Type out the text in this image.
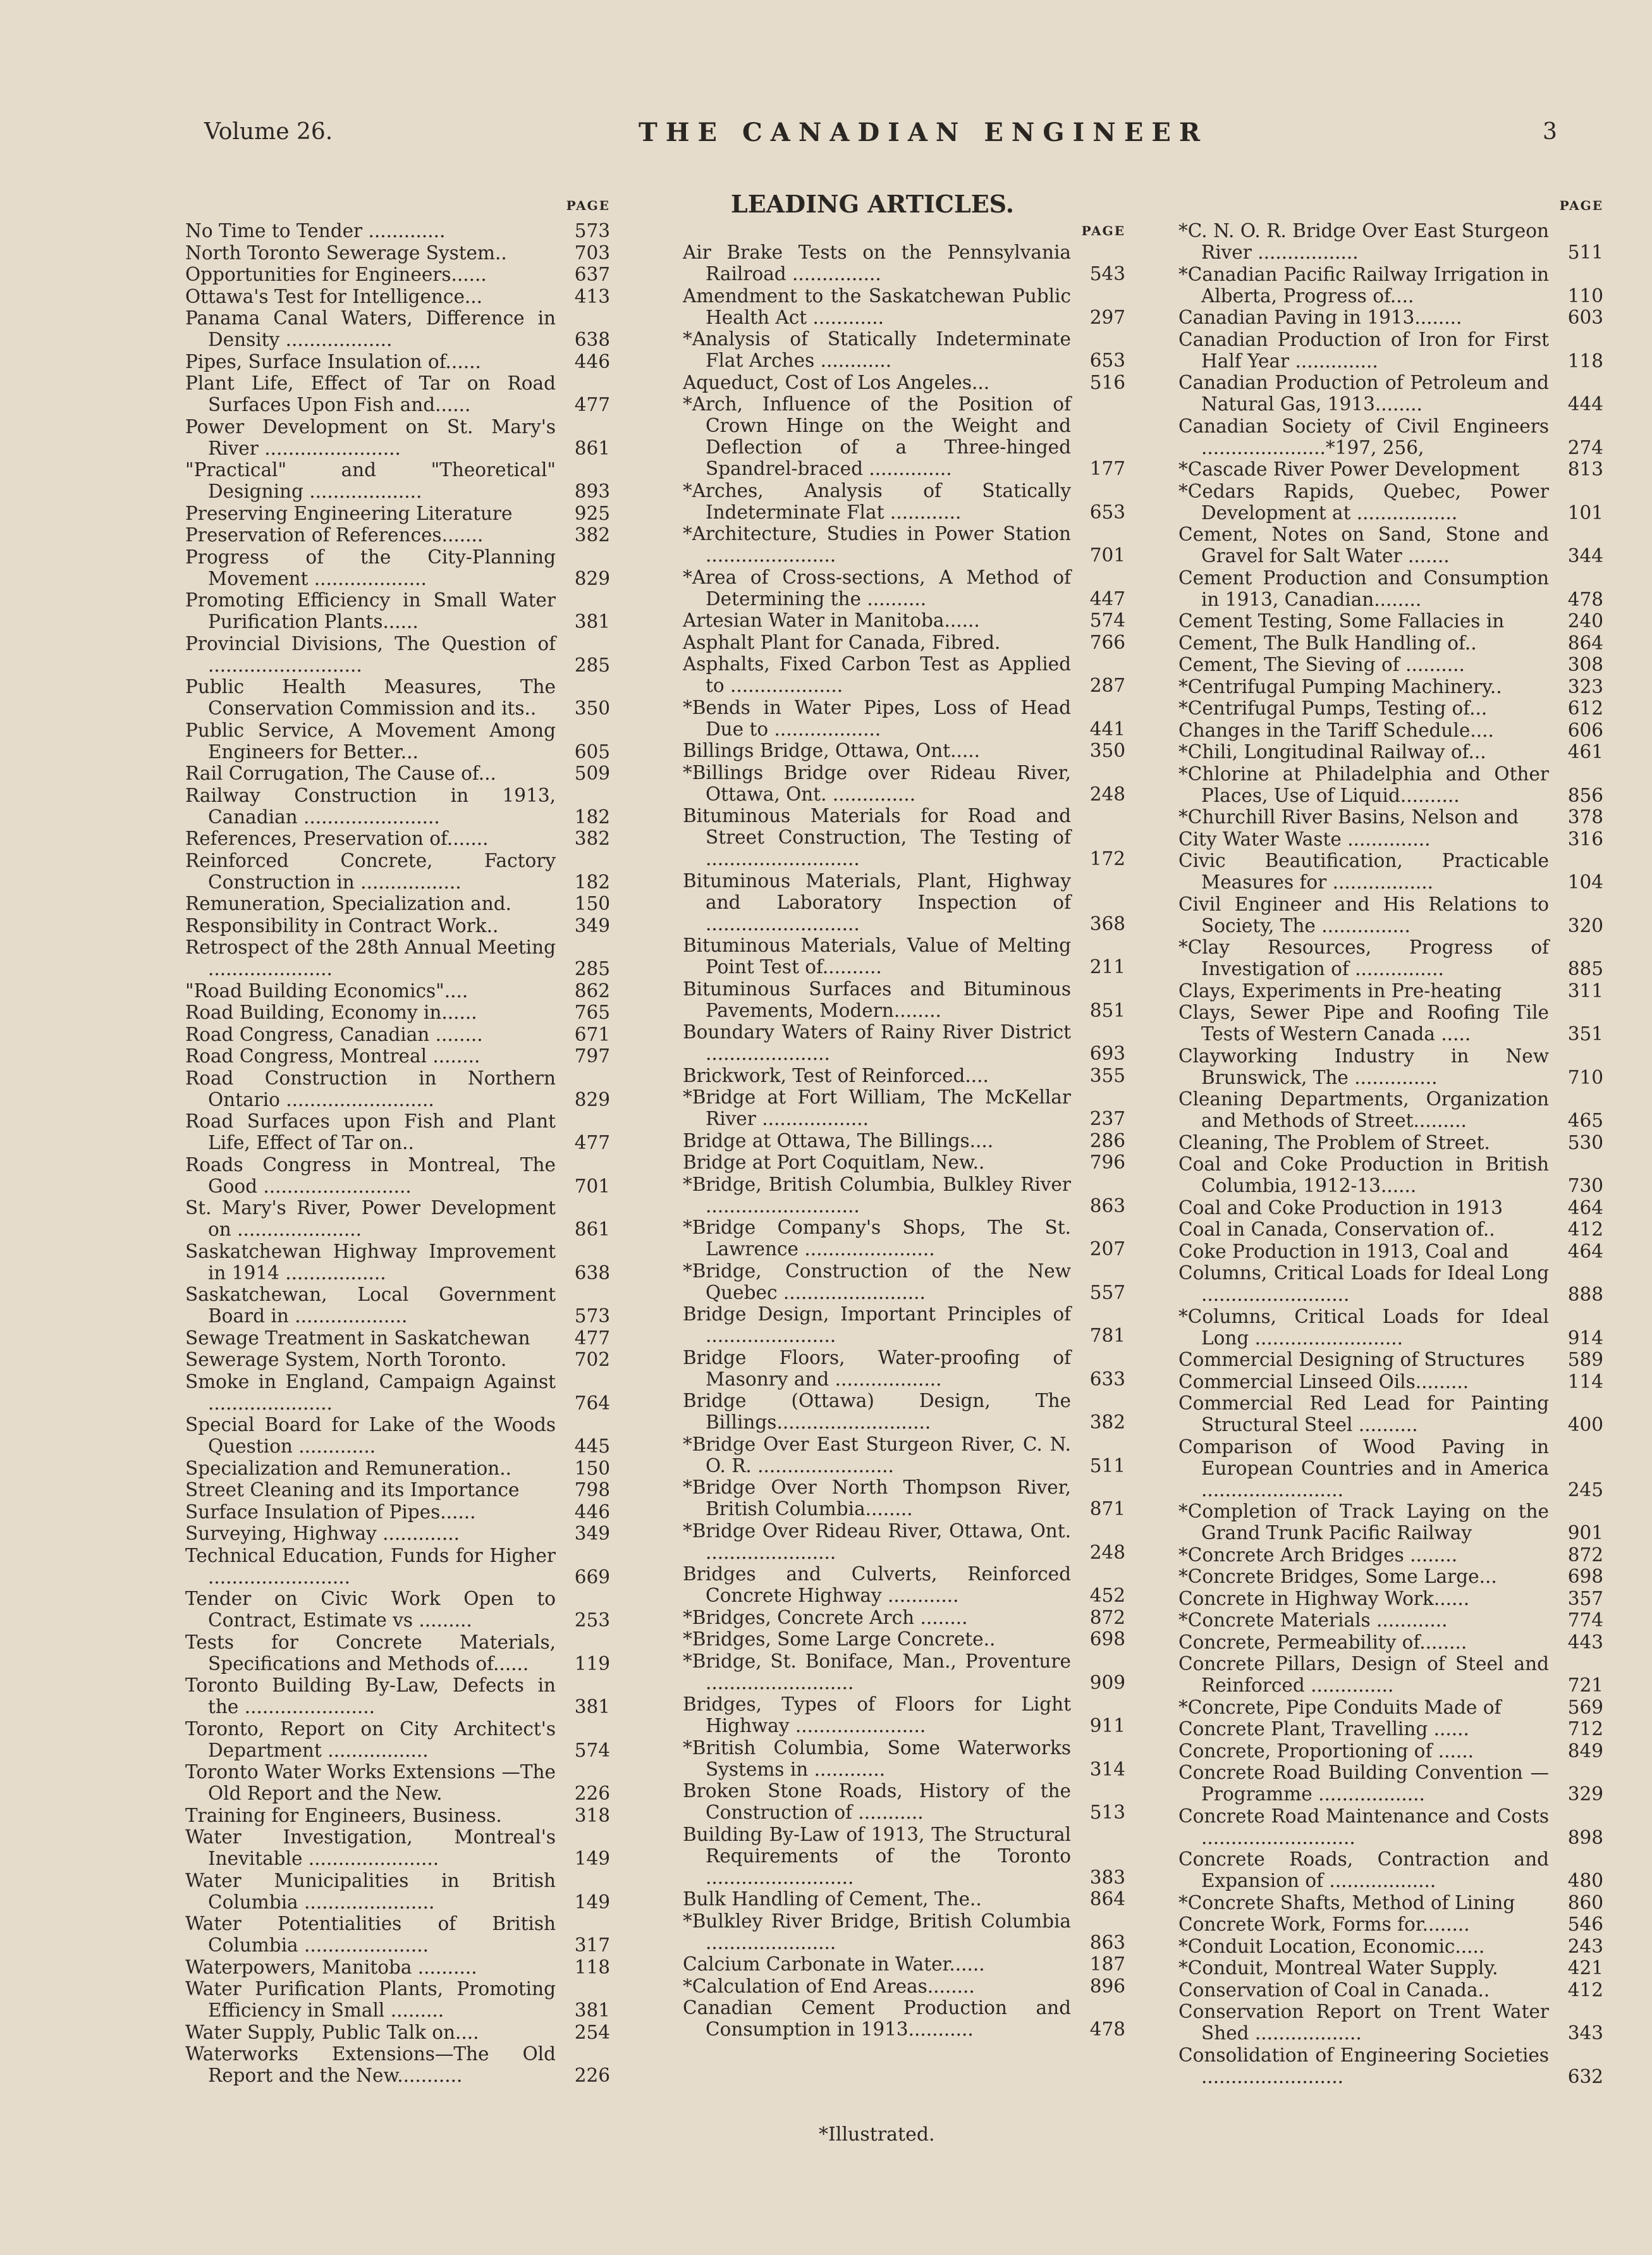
Volume 26.	THE CANADIAN ENGINEER	3
PAGE
No Time to Tender .............	573
North Toronto Sewerage System..	703
Opportunities for Engineers......	637
Ottawa's Test for Intelligence...	413
Panama Canal Waters, Difference in Density ..................	638
Pipes, Surface Insulation of......	446
Plant Life, Effect of Tar on Road Surfaces Upon Fish and......	477
Power Development on St. Mary's River .......................	861
"Practical" and "Theoretical" Designing ...................	893
Preserving Engineering Literature	925
Preservation of References.......	382
Progress of the City-Planning Movement ...................	829
Promoting Efficiency in Small Water Purification Plants......	381
Provincial Divisions, The Question of ..........................	285
Public Health Measures, The Conservation Commission and its..	350
Public Service, A Movement Among Engineers for Better...	605
Rail Corrugation, The Cause of...	509
Railway Construction in 1913, Canadian .......................	182
References, Preservation of.......	382
Reinforced Concrete, Factory Construction in .................	182
Remuneration, Specialization and.	150
Responsibility in Contract Work..	349
Retrospect of the 28th Annual Meeting .....................	285
"Road Building Economics"....	862
Road Building, Economy in......	765
Road Congress, Canadian ........	671
Road Congress, Montreal ........	797
Road Construction in Northern Ontario .........................	829
Road Surfaces upon Fish and Plant Life, Effect of Tar on..	477
Roads Congress in Montreal, The Good .........................	701
St. Mary's River, Power Development on .....................	861
Saskatchewan Highway Improvement in 1914 .................	638
Saskatchewan, Local Government Board in ...................	573
Sewage Treatment in Saskatchewan	477
Sewerage System, North Toronto.	702
Smoke in England, Campaign Against .....................	764
Special Board for Lake of the Woods Question .............	445
Specialization and Remuneration..	150
Street Cleaning and its Importance	798
Surface Insulation of Pipes......	446
Surveying, Highway .............	349
Technical Education, Funds for Higher ........................	669
Tender on Civic Work Open to Contract, Estimate vs .........	253
Tests for Concrete Materials, Specifications and Methods of......	119
Toronto Building By-Law, Defects in the ......................	381
Toronto, Report on City Architect's Department .................	574
Toronto Water Works Extensions —The Old Report and the New.	226
Training for Engineers, Business.	318
Water Investigation, Montreal's Inevitable ......................	149
Water Municipalities in British Columbia ......................	149
Water Potentialities of British Columbia .....................	317
Waterpowers, Manitoba ..........	118
Water Purification Plants, Promoting Efficiency in Small .........	381
Water Supply, Public Talk on....	254
Waterworks Extensions—The Old Report and the New...........	226
LEADING ARTICLES.
PAGE
Air Brake Tests on the Pennsylvania Railroad ...............	543
Amendment to the Saskatchewan Public Health Act ............	297
*Analysis of Statically Indeterminate Flat Arches ............	653
Aqueduct, Cost of Los Angeles...	516
*Arch, Influence of the Position of Crown Hinge on the Weight and Deflection of a Three-hinged Spandrel-braced ..............	177
*Arches, Analysis of Statically Indeterminate Flat ............	653
*Architecture, Studies in Power Station ......................	701
*Area of Cross-sections, A Method of Determining the ..........	447
Artesian Water in Manitoba......	574
Asphalt Plant for Canada, Fibred.	766
Asphalts, Fixed Carbon Test as Applied to ...................	287
*Bends in Water Pipes, Loss of Head Due to ..................	441
Billings Bridge, Ottawa, Ont.....	350
*Billings Bridge over Rideau River, Ottawa, Ont. ..............	248
Bituminous Materials for Road and Street Construction, The Testing of ..........................	172
Bituminous Materials, Plant, Highway and Laboratory Inspection of ..........................	368
Bituminous Materials, Value of Melting Point Test of..........	211
Bituminous Surfaces and Bituminous Pavements, Modern........	851
Boundary Waters of Rainy River District .....................	693
Brickwork, Test of Reinforced....	355
*Bridge at Fort William, The McKellar River ..................	237
Bridge at Ottawa, The Billings....	286
Bridge at Port Coquitlam, New..	796
*Bridge, British Columbia, Bulkley River ..........................	863
*Bridge Company's Shops, The St. Lawrence ......................	207
*Bridge, Construction of the New Quebec ........................	557
Bridge Design, Important Principles of ......................	781
Bridge Floors, Water-proofing of Masonry and ..................	633
Bridge (Ottawa) Design, The Billings..........................	382
*Bridge Over East Sturgeon River, C. N. O. R. .......................	511
*Bridge Over North Thompson River, British Columbia........	871
*Bridge Over Rideau River, Ottawa, Ont. ......................	248
Bridges and Culverts, Reinforced Concrete Highway ............	452
*Bridges, Concrete Arch ........	872
*Bridges, Some Large Concrete..	698
*Bridge, St. Boniface, Man., Proventure .........................	909
Bridges, Types of Floors for Light Highway ......................	911
*British Columbia, Some Waterworks Systems in ............	314
Broken Stone Roads, History of the Construction of ...........	513
Building By-Law of 1913, The Structural Requirements of the Toronto .........................	383
Bulk Handling of Cement, The..	864
*Bulkley River Bridge, British Columbia ......................	863
Calcium Carbonate in Water......	187
*Calculation of End Areas........	896
Canadian Cement Production and Consumption in 1913...........	478
PAGE
*C. N. O. R. Bridge Over East Sturgeon River .................	511
*Canadian Pacific Railway Irrigation in Alberta, Progress of....	110
Canadian Paving in 1913........	603
Canadian Production of Iron for First Half Year ..............	118
Canadian Production of Petroleum and Natural Gas, 1913........	444
Canadian Society of Civil Engineers .....................*197, 256,	274
*Cascade River Power Development	813
*Cedars Rapids, Quebec, Power Development at .................	101
Cement, Notes on Sand, Stone and Gravel for Salt Water .......	344
Cement Production and Consumption in 1913, Canadian........	478
Cement Testing, Some Fallacies in	240
Cement, The Bulk Handling of..	864
Cement, The Sieving of ..........	308
*Centrifugal Pumping Machinery..	323
*Centrifugal Pumps, Testing of...	612
Changes in the Tariff Schedule....	606
*Chili, Longitudinal Railway of...	461
*Chlorine at Philadelphia and Other Places, Use of Liquid..........	856
*Churchill River Basins, Nelson and	378
City Water Waste ..............	316
Civic Beautification, Practicable Measures for .................	104
Civil Engineer and His Relations to Society, The ...............	320
*Clay Resources, Progress of Investigation of ...............	885
Clays, Experiments in Pre-heating	311
Clays, Sewer Pipe and Roofing Tile Tests of Western Canada .....	351
Clayworking Industry in New Brunswick, The ..............	710
Cleaning Departments, Organization and Methods of Street.........	465
Cleaning, The Problem of Street.	530
Coal and Coke Production in British Columbia, 1912-13......	730
Coal and Coke Production in 1913	464
Coal in Canada, Conservation of..	412
Coke Production in 1913, Coal and	464
Columns, Critical Loads for Ideal Long .........................	888
*Columns, Critical Loads for Ideal Long .........................	914
Commercial Designing of Structures	589
Commercial Linseed Oils.........	114
Commercial Red Lead for Painting Structural Steel ..........	400
Comparison of Wood Paving in European Countries and in America ........................	245
*Completion of Track Laying on the Grand Trunk Pacific Railway	901
*Concrete Arch Bridges ........	872
*Concrete Bridges, Some Large...	698
Concrete in Highway Work......	357
*Concrete Materials ............	774
Concrete, Permeability of........	443
Concrete Pillars, Design of Steel and Reinforced ..............	721
*Concrete, Pipe Conduits Made of	569
Concrete Plant, Travelling ......	712
Concrete, Proportioning of ......	849
Concrete Road Building Convention —Programme ..................	329
Concrete Road Maintenance and Costs ..........................	898
Concrete Roads, Contraction and Expansion of ..................	480
*Concrete Shafts, Method of Lining	860
Concrete Work, Forms for........	546
*Conduit Location, Economic.....	243
*Conduit, Montreal Water Supply.	421
Conservation of Coal in Canada..	412
Conservation Report on Trent Water Shed ..................	343
Consolidation of Engineering Societies ........................	632
*Illustrated.
